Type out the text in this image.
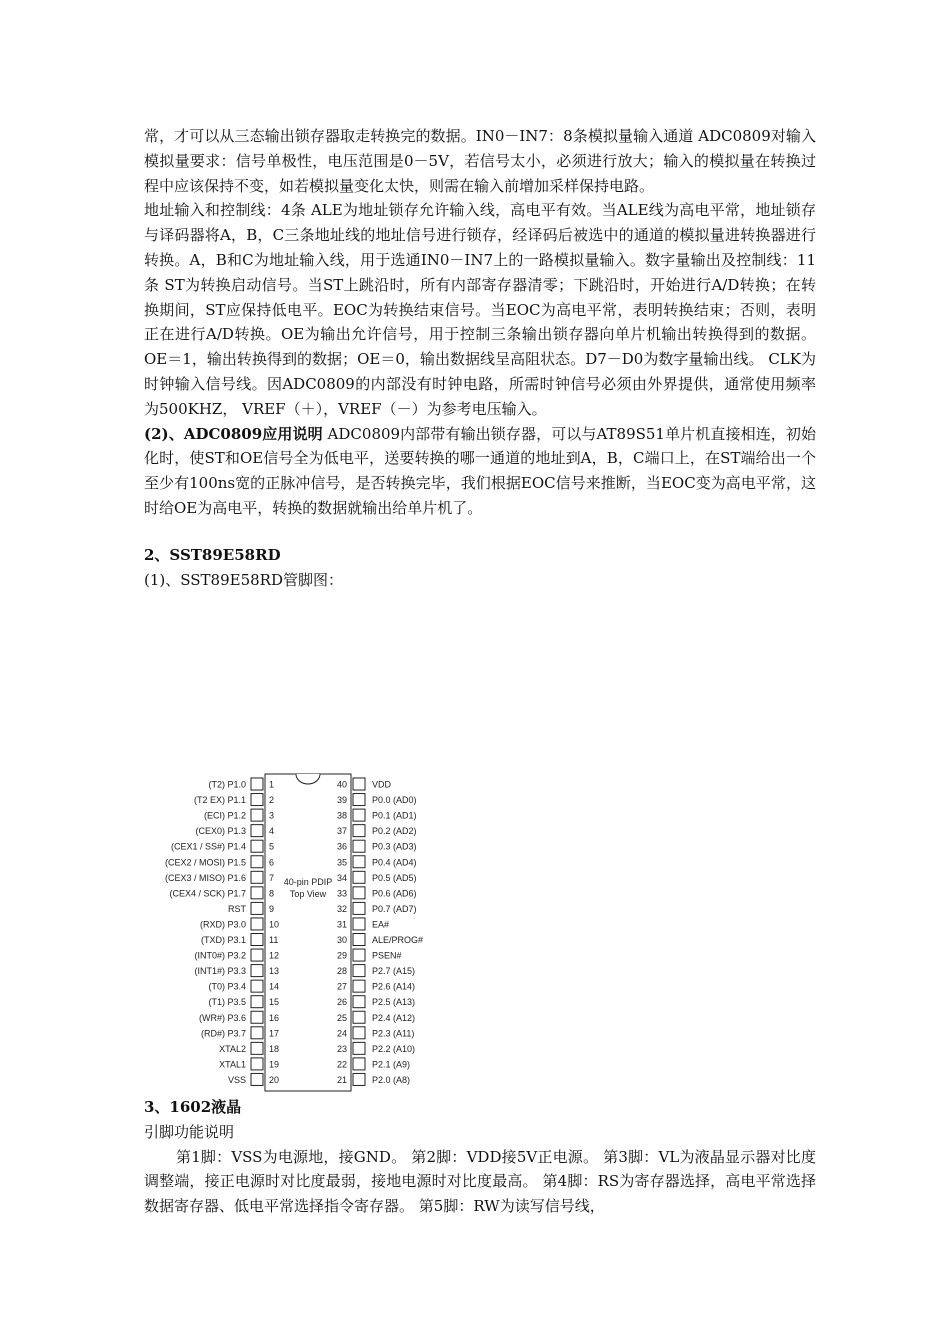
常，才可以从三态输出锁存器取走转换完的数据。IN0－IN7：8条模拟量输入通道 ADC0809对输入模拟量要求：信号单极性，电压范围是0－5V，若信号太小，必须进行放大；输入的模拟量在转换过程中应该保持不变，如若模拟量变化太快，则需在输入前增加采样保持电路。

地址输入和控制线：4条 ALE为地址锁存允许输入线，高电平有效。当ALE线为高电平常，地址锁存与译码器将A，B，C三条地址线的地址信号进行锁存，经译码后被选中的通道的模拟量进转换器进行转换。A，B和C为地址输入线，用于选通IN0－IN7上的一路模拟量输入。数字量输出及控制线：11条 ST为转换启动信号。当ST上跳沿时，所有内部寄存器清零；下跳沿时，开始进行A/D转换；在转换期间，ST应保持低电平。EOC为转换结束信号。当EOC为高电平常，表明转换结束；否则，表明正在进行A/D转换。OE为输出允许信号，用于控制三条输出锁存器向单片机输出转换得到的数据。OE＝1，输出转换得到的数据；OE＝0，输出数据线呈高阻状态。D7－D0为数字量输出线。 CLK为时钟输入信号线。因ADC0809的内部没有时钟电路，所需时钟信号必须由外界提供，通常使用频率为500KHZ， VREF（＋），VREF（－）为参考电压输入。

(2)、ADC0809应用说明 ADC0809内部带有输出锁存器，可以与AT89S51单片机直接相连，初始化时，使ST和OE信号全为低电平，送要转换的哪一通道的地址到A，B，C端口上，在ST端给出一个至少有100ns宽的正脉冲信号，是否转换完毕，我们根据EOC信号来推断，当EOC变为高电平常，这时给OE为高电平，转换的数据就输出给单片机了。

2、SST89E58RD

(1)、SST89E58RD管脚图：

40-pin PDIP
Top View
(T2) P1.0	1
(T2 EX) P1.1	2
(ECI) P1.2	3
(CEX0) P1.3	4
(CEX1 / SS#) P1.4	5
(CEX2 / MOSI) P1.5	6
(CEX3 / MISO) P1.6	7
(CEX4 / SCK) P1.7	8
RST	9
(RXD) P3.0	10
(TXD) P3.1	11
(INT0#) P3.2	12
(INT1#) P3.3	13
(T0) P3.4	14
(T1) P3.5	15
(WR#) P3.6	16
(RD#) P3.7	17
XTAL2	18
XTAL1	19
VSS	20
40	VDD
39	P0.0 (AD0)
38	P0.1 (AD1)
37	P0.2 (AD2)
36	P0.3 (AD3)
35	P0.4 (AD4)
34	P0.5 (AD5)
33	P0.6 (AD6)
32	P0.7 (AD7)
31	EA#
30	ALE/PROG#
29	PSEN#
28	P2.7 (A15)
27	P2.6 (A14)
26	P2.5 (A13)
25	P2.4 (A12)
24	P2.3 (A11)
23	P2.2 (A10)
22	P2.1 (A9)
21	P2.0 (A8)

3、1602液晶

引脚功能说明

第1脚：VSS为电源地，接GND。 第2脚：VDD接5V正电源。 第3脚：VL为液晶显示器对比度调整端，接正电源时对比度最弱，接地电源时对比度最高。 第4脚：RS为寄存器选择，高电平常选择数据寄存器、低电平常选择指令寄存器。 第5脚：RW为读写信号线，
